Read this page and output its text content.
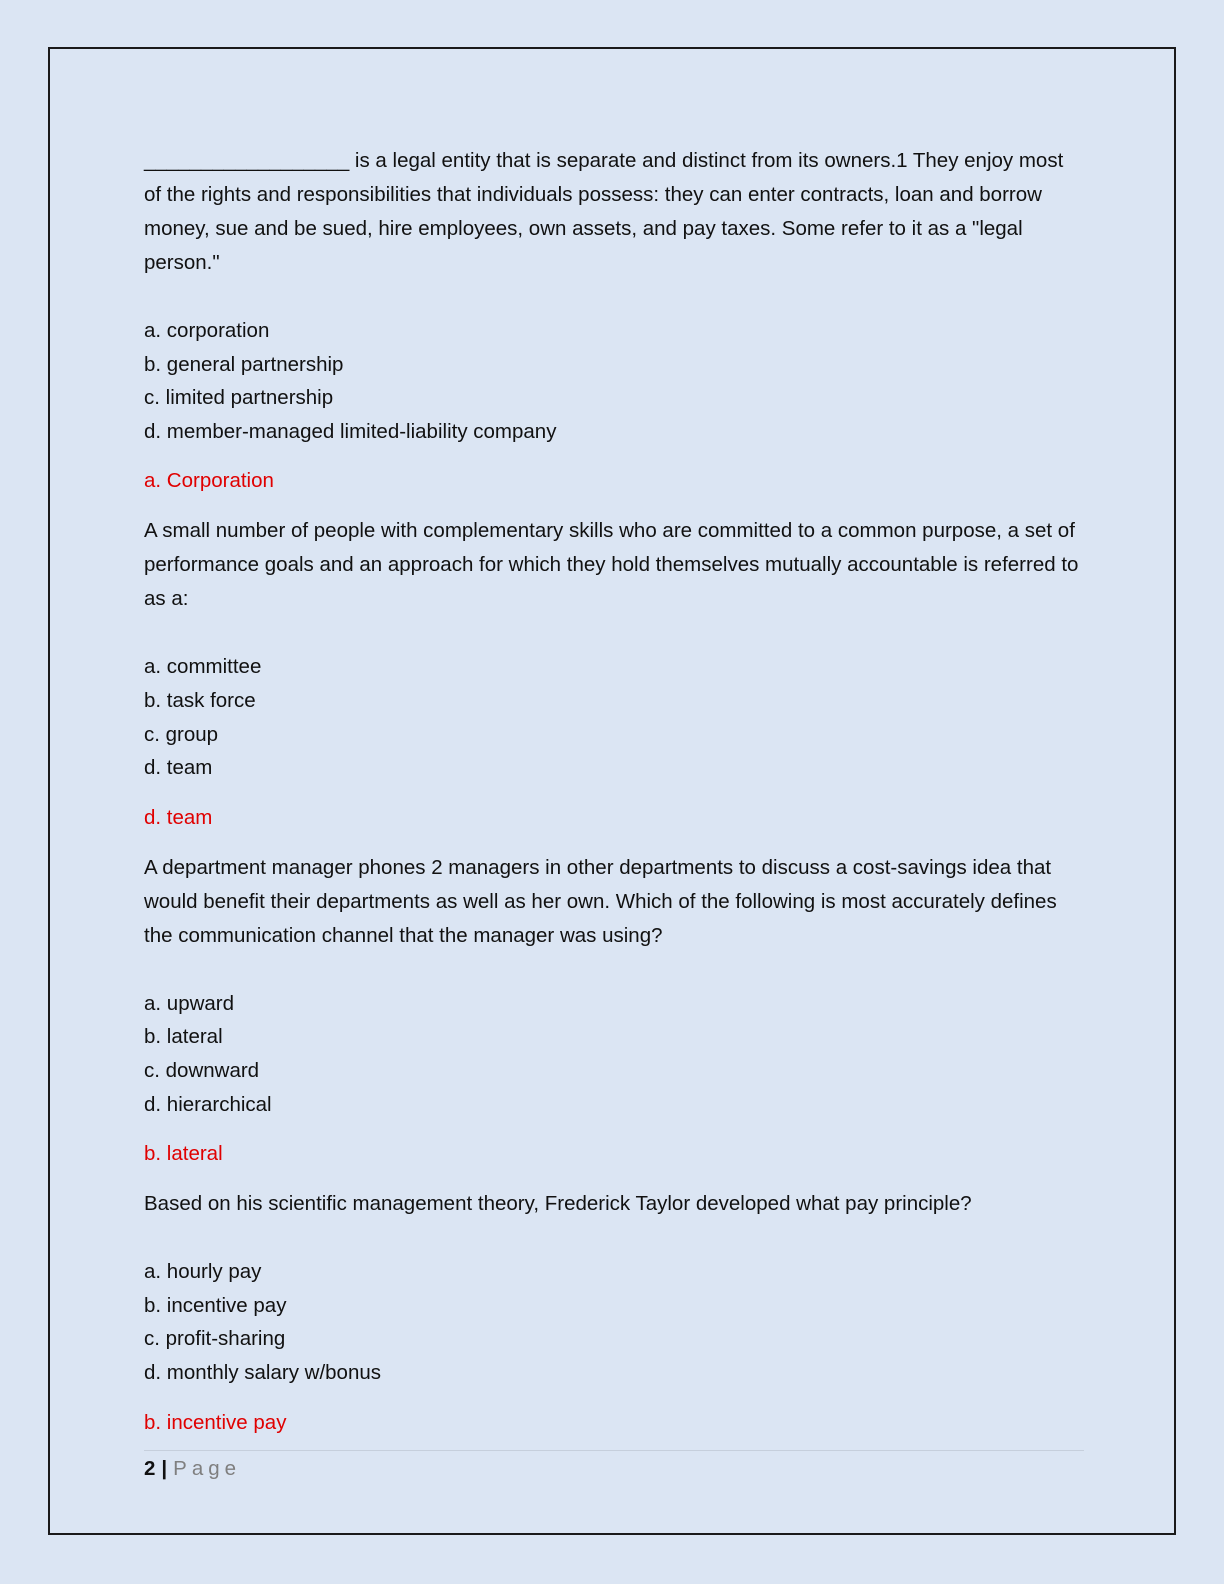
__________________ is a legal entity that is separate and distinct from its owners.1 They enjoy most of the rights and responsibilities that individuals possess: they can enter contracts, loan and borrow money, sue and be sued, hire employees, own assets, and pay taxes. Some refer to it as a "legal person."

a. corporation
b. general partnership
c. limited partnership
d. member-managed limited-liability company

a. Corporation

A small number of people with complementary skills who are committed to a common purpose, a set of performance goals and an approach for which they hold themselves mutually accountable is referred to as a:

a. committee
b. task force
c. group
d. team

d. team

A department manager phones 2 managers in other departments to discuss a cost-savings idea that would benefit their departments as well as her own. Which of the following is most accurately defines the communication channel that the manager was using?

a. upward
b. lateral
c. downward
d. hierarchical

b. lateral

Based on his scientific management theory, Frederick Taylor developed what pay principle?

a. hourly pay
b. incentive pay
c. profit-sharing
d. monthly salary w/bonus

b. incentive pay

2 | Page
